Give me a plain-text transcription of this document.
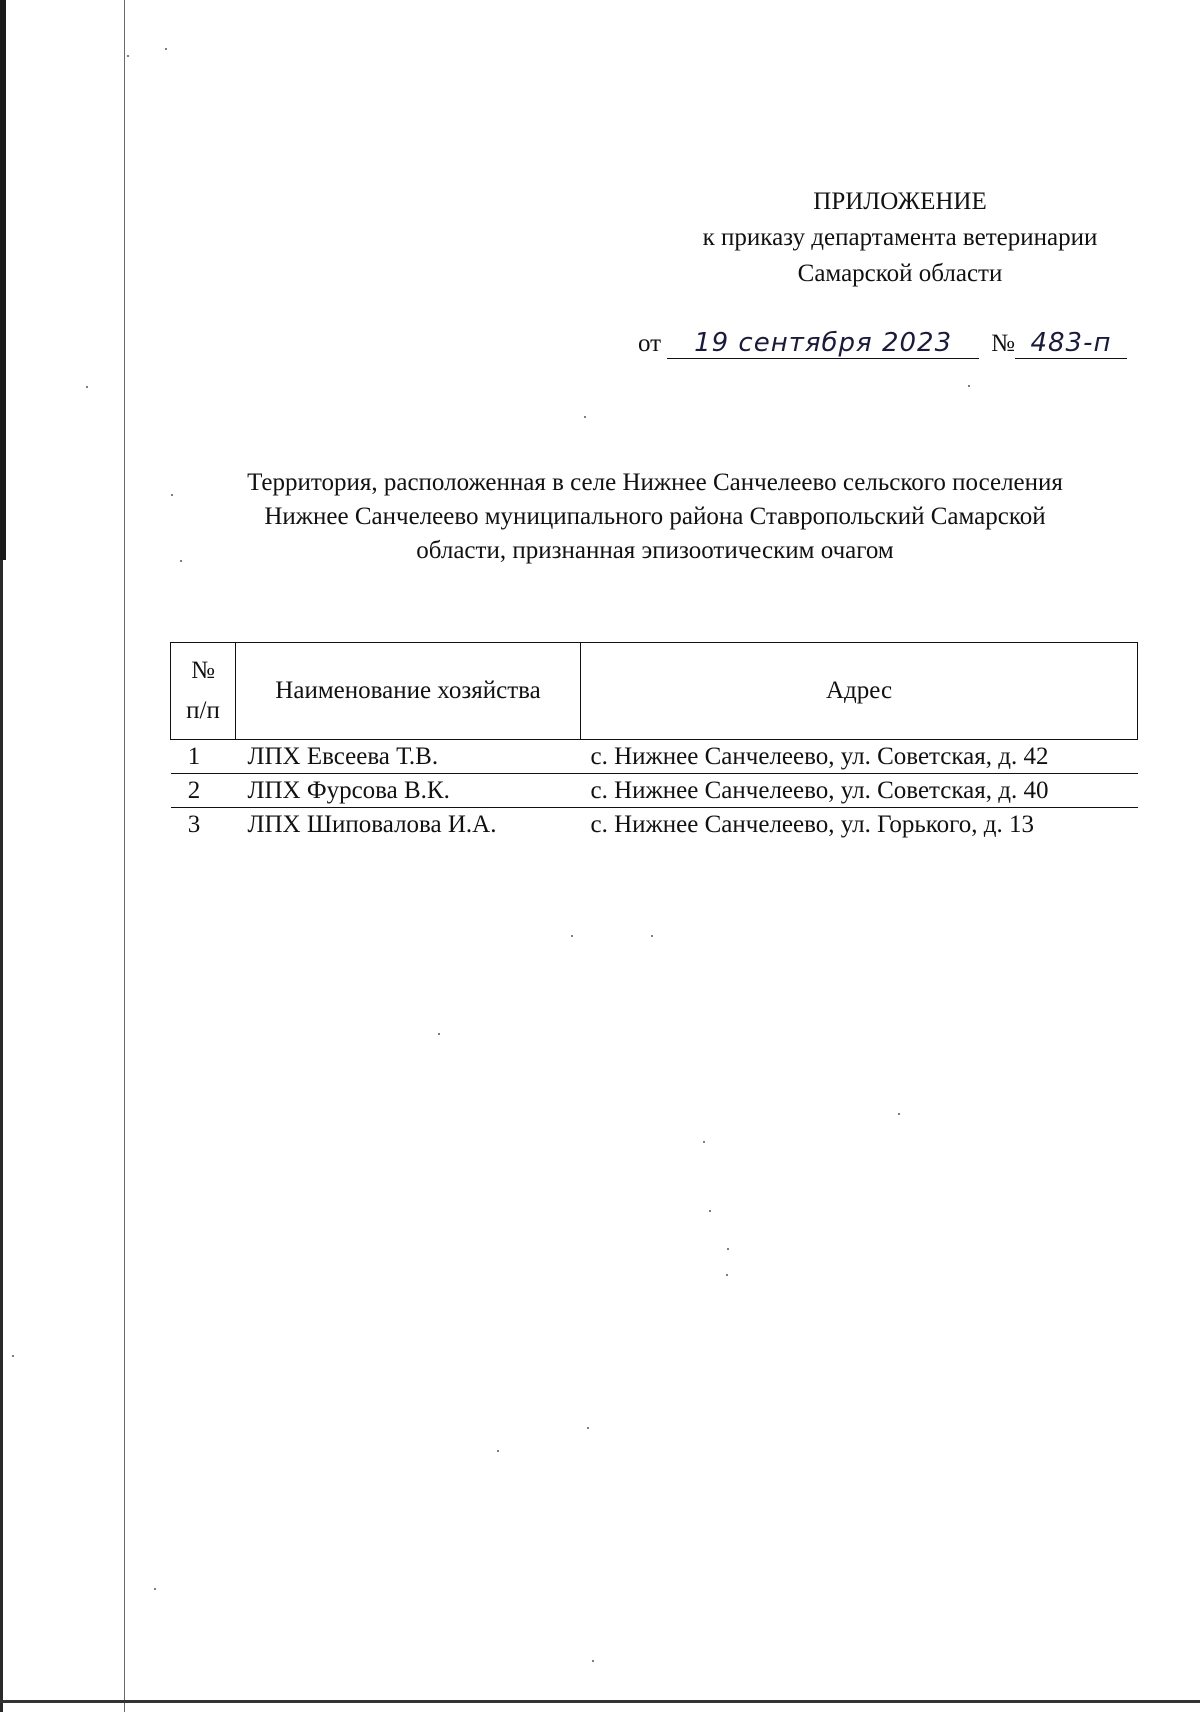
ПРИЛОЖЕНИЕ
к приказу департамента ветеринарии
Самарской области
от 19 сентября 2023 № 483-п
Территория, расположенная в селе Нижнее Санчелеево сельского поселения
Нижнее Санчелеево муниципального района Ставропольский Самарской
области, признанная эпизоотическим очагом
№
п/п	Наименование хозяйства	Адрес
1	ЛПХ Евсеева Т.В.	с. Нижнее Санчелеево, ул. Советская, д. 42
2	ЛПХ Фурсова В.К.	с. Нижнее Санчелеево, ул. Советская, д. 40
3	ЛПХ Шиповалова И.А.	с. Нижнее Санчелеево, ул. Горького, д. 13
